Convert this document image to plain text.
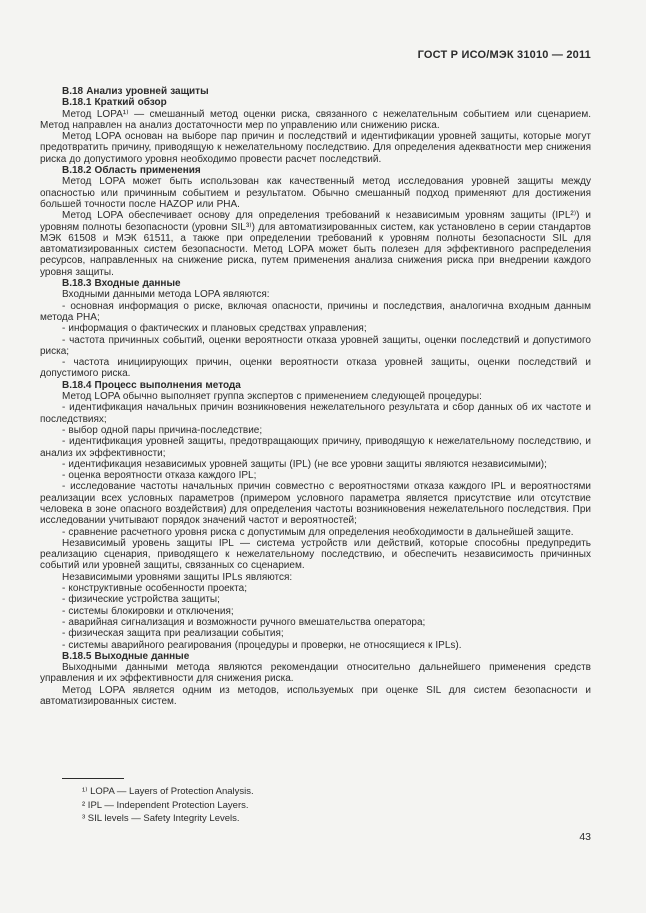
ГОСТ Р ИСО/МЭК 31010 — 2011

В.18 Анализ уровней защиты

В.18.1 Краткий обзор

Метод LOPA¹⁾ — смешанный метод оценки риска, связанного с нежелательным событием или сценарием. Метод направлен на анализ достаточности мер по управлению или снижению риска.

Метод LOPA основан на выборе пар причин и последствий и идентификации уровней защиты, которые могут предотвратить причину, приводящую к нежелательному последствию. Для определения адекватности мер снижения риска до допустимого уровня необходимо провести расчет последствий.

В.18.2 Область применения

Метод LOPA может быть использован как качественный метод исследования уровней защиты между опасностью или причинным событием и результатом. Обычно смешанный подход применяют для достижения большей точности после HAZOP или PHA.

Метод LOPA обеспечивает основу для определения требований к независимым уровням защиты (IPL²⁾) и уровням полноты безопасности (уровни SIL³⁾) для автоматизированных систем, как установлено в серии стандартов МЭК 61508 и МЭК 61511, а также при определении требований к уровням полноты безопасности SIL для автоматизированных систем безопасности. Метод LOPA может быть полезен для эффективного распределения ресурсов, направленных на снижение риска, путем применения анализа снижения риска при внедрении каждого уровня защиты.

В.18.3 Входные данные

Входными данными метода LOPA являются:

- основная информация о риске, включая опасности, причины и последствия, аналогична входным данным метода PHA;

- информация о фактических и плановых средствах управления;

- частота причинных событий, оценки вероятности отказа уровней защиты, оценки последствий и допустимого риска;

- частота инициирующих причин, оценки вероятности отказа уровней защиты, оценки последствий и допустимого риска.

В.18.4 Процесс выполнения метода

Метод LOPA обычно выполняет группа экспертов с применением следующей процедуры:

- идентификация начальных причин возникновения нежелательного результата и сбор данных об их частоте и последствиях;

- выбор одной пары причина-последствие;

- идентификация уровней защиты, предотвращающих причину, приводящую к нежелательному последствию, и анализ их эффективности;

- идентификация независимых уровней защиты (IPL) (не все уровни защиты являются независимыми);

- оценка вероятности отказа каждого IPL;

- исследование частоты начальных причин совместно с вероятностями отказа каждого IPL и вероятностями реализации всех условных параметров (примером условного параметра является присутствие или отсутствие человека в зоне опасного воздействия) для определения частоты возникновения нежелательного последствия. При исследовании учитывают порядок значений частот и вероятностей;

- сравнение расчетного уровня риска с допустимым для определения необходимости в дальнейшей защите.

Независимый уровень защиты IPL — система устройств или действий, которые способны предупредить реализацию сценария, приводящего к нежелательному последствию, и обеспечить независимость причинных событий или уровней защиты, связанных со сценарием.

Независимыми уровнями защиты IPLs являются:

- конструктивные особенности проекта;

- физические устройства защиты;

- системы блокировки и отключения;

- аварийная сигнализация и возможности ручного вмешательства оператора;

- физическая защита при реализации события;

- системы аварийного реагирования (процедуры и проверки, не относящиеся к IPLs).

В.18.5 Выходные данные

Выходными данными метода являются рекомендации относительно дальнейшего применения средств управления и их эффективности для снижения риска.

Метод LOPA является одним из методов, используемых при оценке SIL для систем безопасности и автоматизированных систем.

¹⁾ LOPA — Layers of Protection Analysis.

² IPL — Independent Protection Layers.

³ SIL levels — Safety Integrity Levels.

43
